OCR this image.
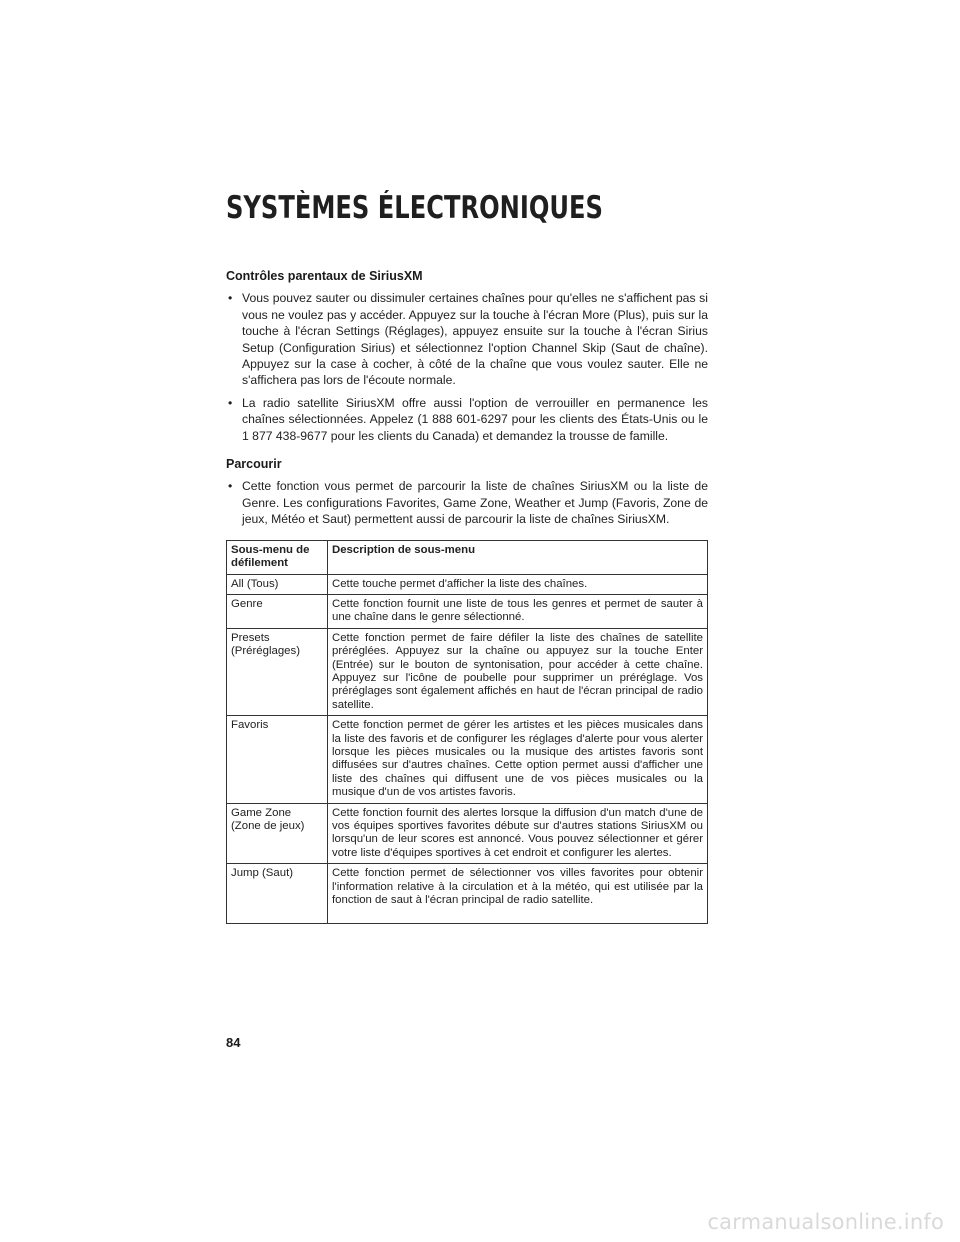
SYSTÈMES ÉLECTRONIQUES
Contrôles parentaux de SiriusXM
• Vous pouvez sauter ou dissimuler certaines chaînes pour qu'elles ne s'affichent pas si vous ne voulez pas y accéder. Appuyez sur la touche à l'écran More (Plus), puis sur la touche à l'écran Settings (Réglages), appuyez ensuite sur la touche à l'écran Sirius Setup (Configuration Sirius) et sélectionnez l'option Channel Skip (Saut de chaîne). Appuyez sur la case à cocher, à côté de la chaîne que vous voulez sauter. Elle ne s'affichera pas lors de l'écoute normale.
• La radio satellite SiriusXM offre aussi l'option de verrouiller en permanence les chaînes sélectionnées. Appelez (1 888 601-6297 pour les clients des États-Unis ou le 1 877 438-9677 pour les clients du Canada) et demandez la trousse de famille.
Parcourir
• Cette fonction vous permet de parcourir la liste de chaînes SiriusXM ou la liste de Genre. Les configurations Favorites, Game Zone, Weather et Jump (Favoris, Zone de jeux, Météo et Saut) permettent aussi de parcourir la liste de chaînes SiriusXM.
Sous-menu de défilement	Description de sous-menu
All (Tous)	Cette touche permet d'afficher la liste des chaînes.
Genre	Cette fonction fournit une liste de tous les genres et permet de sauter à une chaîne dans le genre sélectionné.
Presets (Préréglages)	Cette fonction permet de faire défiler la liste des chaînes de satellite préréglées. Appuyez sur la chaîne ou appuyez sur la touche Enter (Entrée) sur le bouton de syntonisation, pour accéder à cette chaîne. Appuyez sur l'icône de poubelle pour supprimer un préréglage. Vos préréglages sont également affichés en haut de l'écran principal de radio satellite.
Favoris	Cette fonction permet de gérer les artistes et les pièces musicales dans la liste des favoris et de configurer les réglages d'alerte pour vous alerter lorsque les pièces musicales ou la musique des artistes favoris sont diffusées sur d'autres chaînes. Cette option permet aussi d'afficher une liste des chaînes qui diffusent une de vos pièces musicales ou la musique d'un de vos artistes favoris.
Game Zone (Zone de jeux)	Cette fonction fournit des alertes lorsque la diffusion d'un match d'une de vos équipes sportives favorites débute sur d'autres stations SiriusXM ou lorsqu'un de leur scores est annoncé. Vous pouvez sélectionner et gérer votre liste d'équipes sportives à cet endroit et configurer les alertes.
Jump (Saut)	Cette fonction permet de sélectionner vos villes favorites pour obtenir l'information relative à la circulation et à la météo, qui est utilisée par la fonction de saut à l'écran principal de radio satellite.
84
carmanualsonline.info
